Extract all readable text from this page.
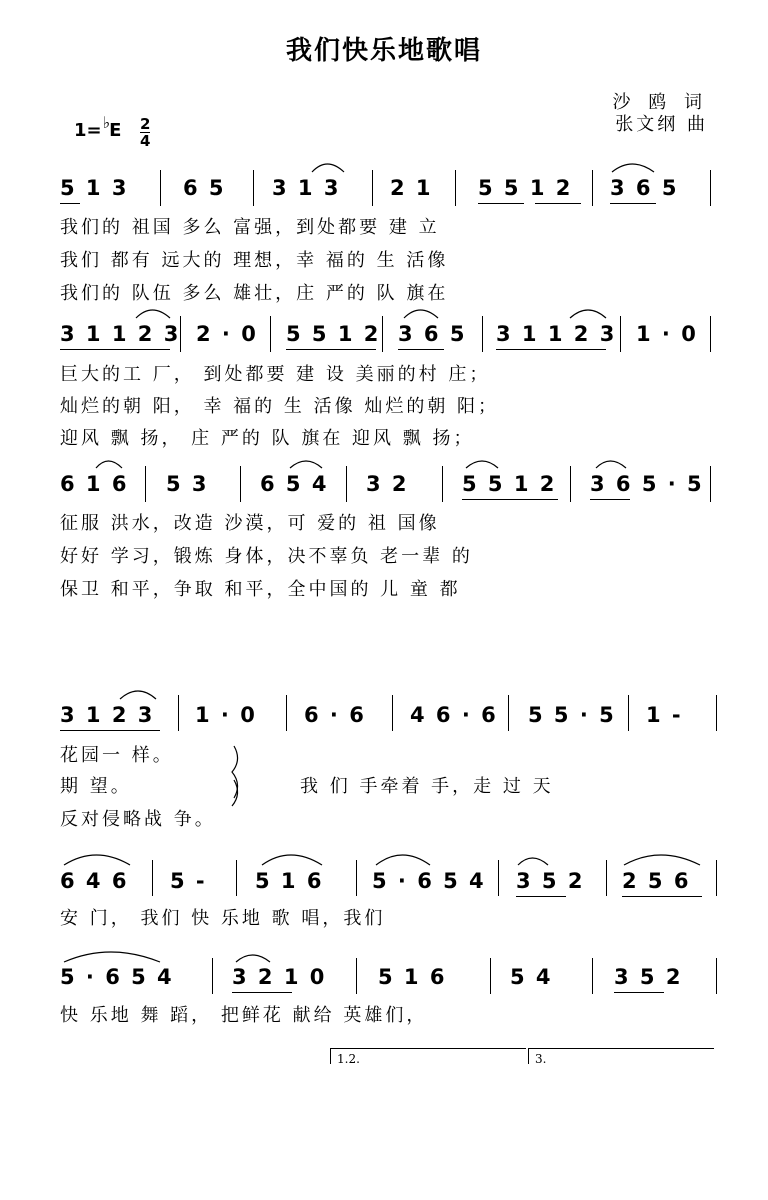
我们快乐地歌唱
沙 鸥 词
张文纲 曲
1=♭E 2
4
5 1 3	6 5 3 1 3 2 1 5 5 1 2 3 6 5
我们的 祖国 多么 富强，到处都要 建 立
我们 都有 远大的 理想，幸 福的 生 活像
我们的 队伍 多么 雄壮，庄 严的 队 旗在
3 1 1 2 3 2 · 0 5 5 1 2 3 6 5 3 1 1 2 3 1 · 0
巨大的工 厂， 到处都要 建 设 美丽的村 庄；
灿烂的朝 阳， 幸 福的 生 活像 灿烂的朝 阳；
迎风 飘 扬， 庄 严的 队 旗在 迎风 飘 扬；
6 1 6 5 3 6 5 4 3 2	5 5 1 2 3 6 5 · 5
征服 洪水，改造 沙漠，可 爱的 祖 国像
好好 学习，锻炼 身体，决不辜负 老一辈 的
保卫 和平，争取 和平，全中国的 儿 童 都
3 1 2 3 1 · 0 6 · 6 4 6 · 6 5 5 · 5 1 -
花园一 样。
期 望。
反对侵略战 争。
我 们 手牵着 手，走 过 天
6 4 6 5 - 5 1 6 5 · 6 5 4 3 5 2 2 5 6
安 门， 我们 快 乐地 歌 唱，我们
5 · 6 5 4	3 2 1 0 5 1 6	5 4	3 5 2
快 乐地 舞 蹈， 把鲜花 献给 英雄们，
1.2.	3.
